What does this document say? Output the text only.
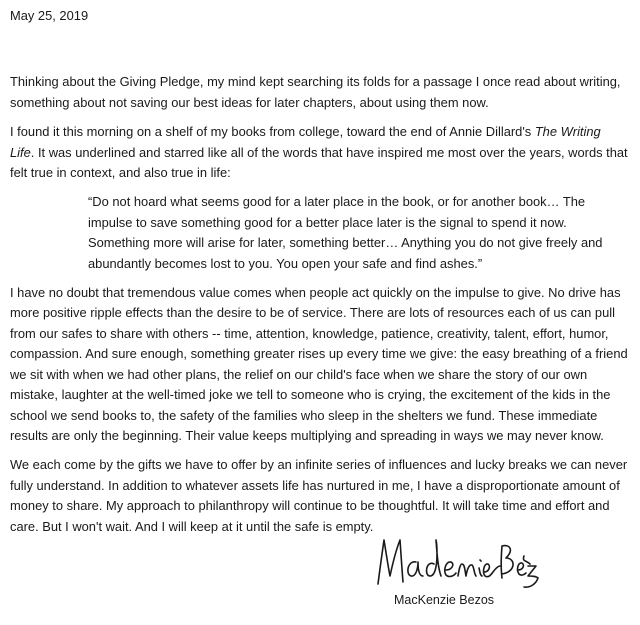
May 25, 2019

Thinking about the Giving Pledge, my mind kept searching its folds for a passage I once read about writing, something about not saving our best ideas for later chapters, about using them now.

I found it this morning on a shelf of my books from college, toward the end of Annie Dillard's The Writing Life. It was underlined and starred like all of the words that have inspired me most over the years, words that felt true in context, and also true in life:

“Do not hoard what seems good for a later place in the book, or for another book… The impulse to save something good for a better place later is the signal to spend it now. Something more will arise for later, something better… Anything you do not give freely and abundantly becomes lost to you. You open your safe and find ashes.”

I have no doubt that tremendous value comes when people act quickly on the impulse to give. No drive has more positive ripple effects than the desire to be of service. There are lots of resources each of us can pull from our safes to share with others -- time, attention, knowledge, patience, creativity, talent, effort, humor, compassion. And sure enough, something greater rises up every time we give: the easy breathing of a friend we sit with when we had other plans, the relief on our child's face when we share the story of our own mistake, laughter at the well-timed joke we tell to someone who is crying, the excitement of the kids in the school we send books to, the safety of the families who sleep in the shelters we fund. These immediate results are only the beginning. Their value keeps multiplying and spreading in ways we may never know.

We each come by the gifts we have to offer by an infinite series of influences and lucky breaks we can never fully understand. In addition to whatever assets life has nurtured in me, I have a disproportionate amount of money to share. My approach to philanthropy will continue to be thoughtful. It will take time and effort and care. But I won't wait. And I will keep at it until the safe is empty.

MacKenzie Bezos
